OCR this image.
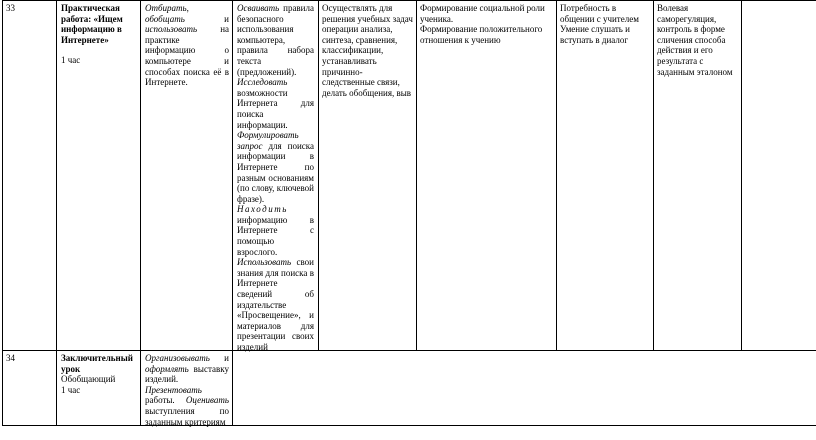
33	Практическая работа: «Ищем информацию в Интернете»

1 час

Отбирать, обобщать и использовать на практике информацию о компьютере и способах поиска её в Интернете.

Осваивать правила безопасного использования компьютера, правила набора текста (предложений). Исследовать возможности Интернета для поиска информации. Формулировать запрос для поиска информации в Интернете по разным основаниям (по слову, ключевой фразе). Находить информацию в Интернете с помощью взрослого. Использовать свои знания для поиска в Интернете сведений об издательстве «Просвещение», и материалов для презентации своих изделий

Осуществлять для решения учебных задач операции анализа, синтеза, сравнения, классификации, устанавливать причинно-следственные связи, делать обобщения, выв

Формирование социальной роли ученика.

Формирование положительного отношения к учению

Потребность в общении с учителем

Умение слушать и вступать в диалог

Волевая саморегуляция, контроль в форме сличения способа действия и его результата с заданным эталоном

34	Заключительный урок

Обобщающий

1 час

Организовывать и оформлять выставку изделий. Презентовать работы. Оценивать выступления по заданным критериям
